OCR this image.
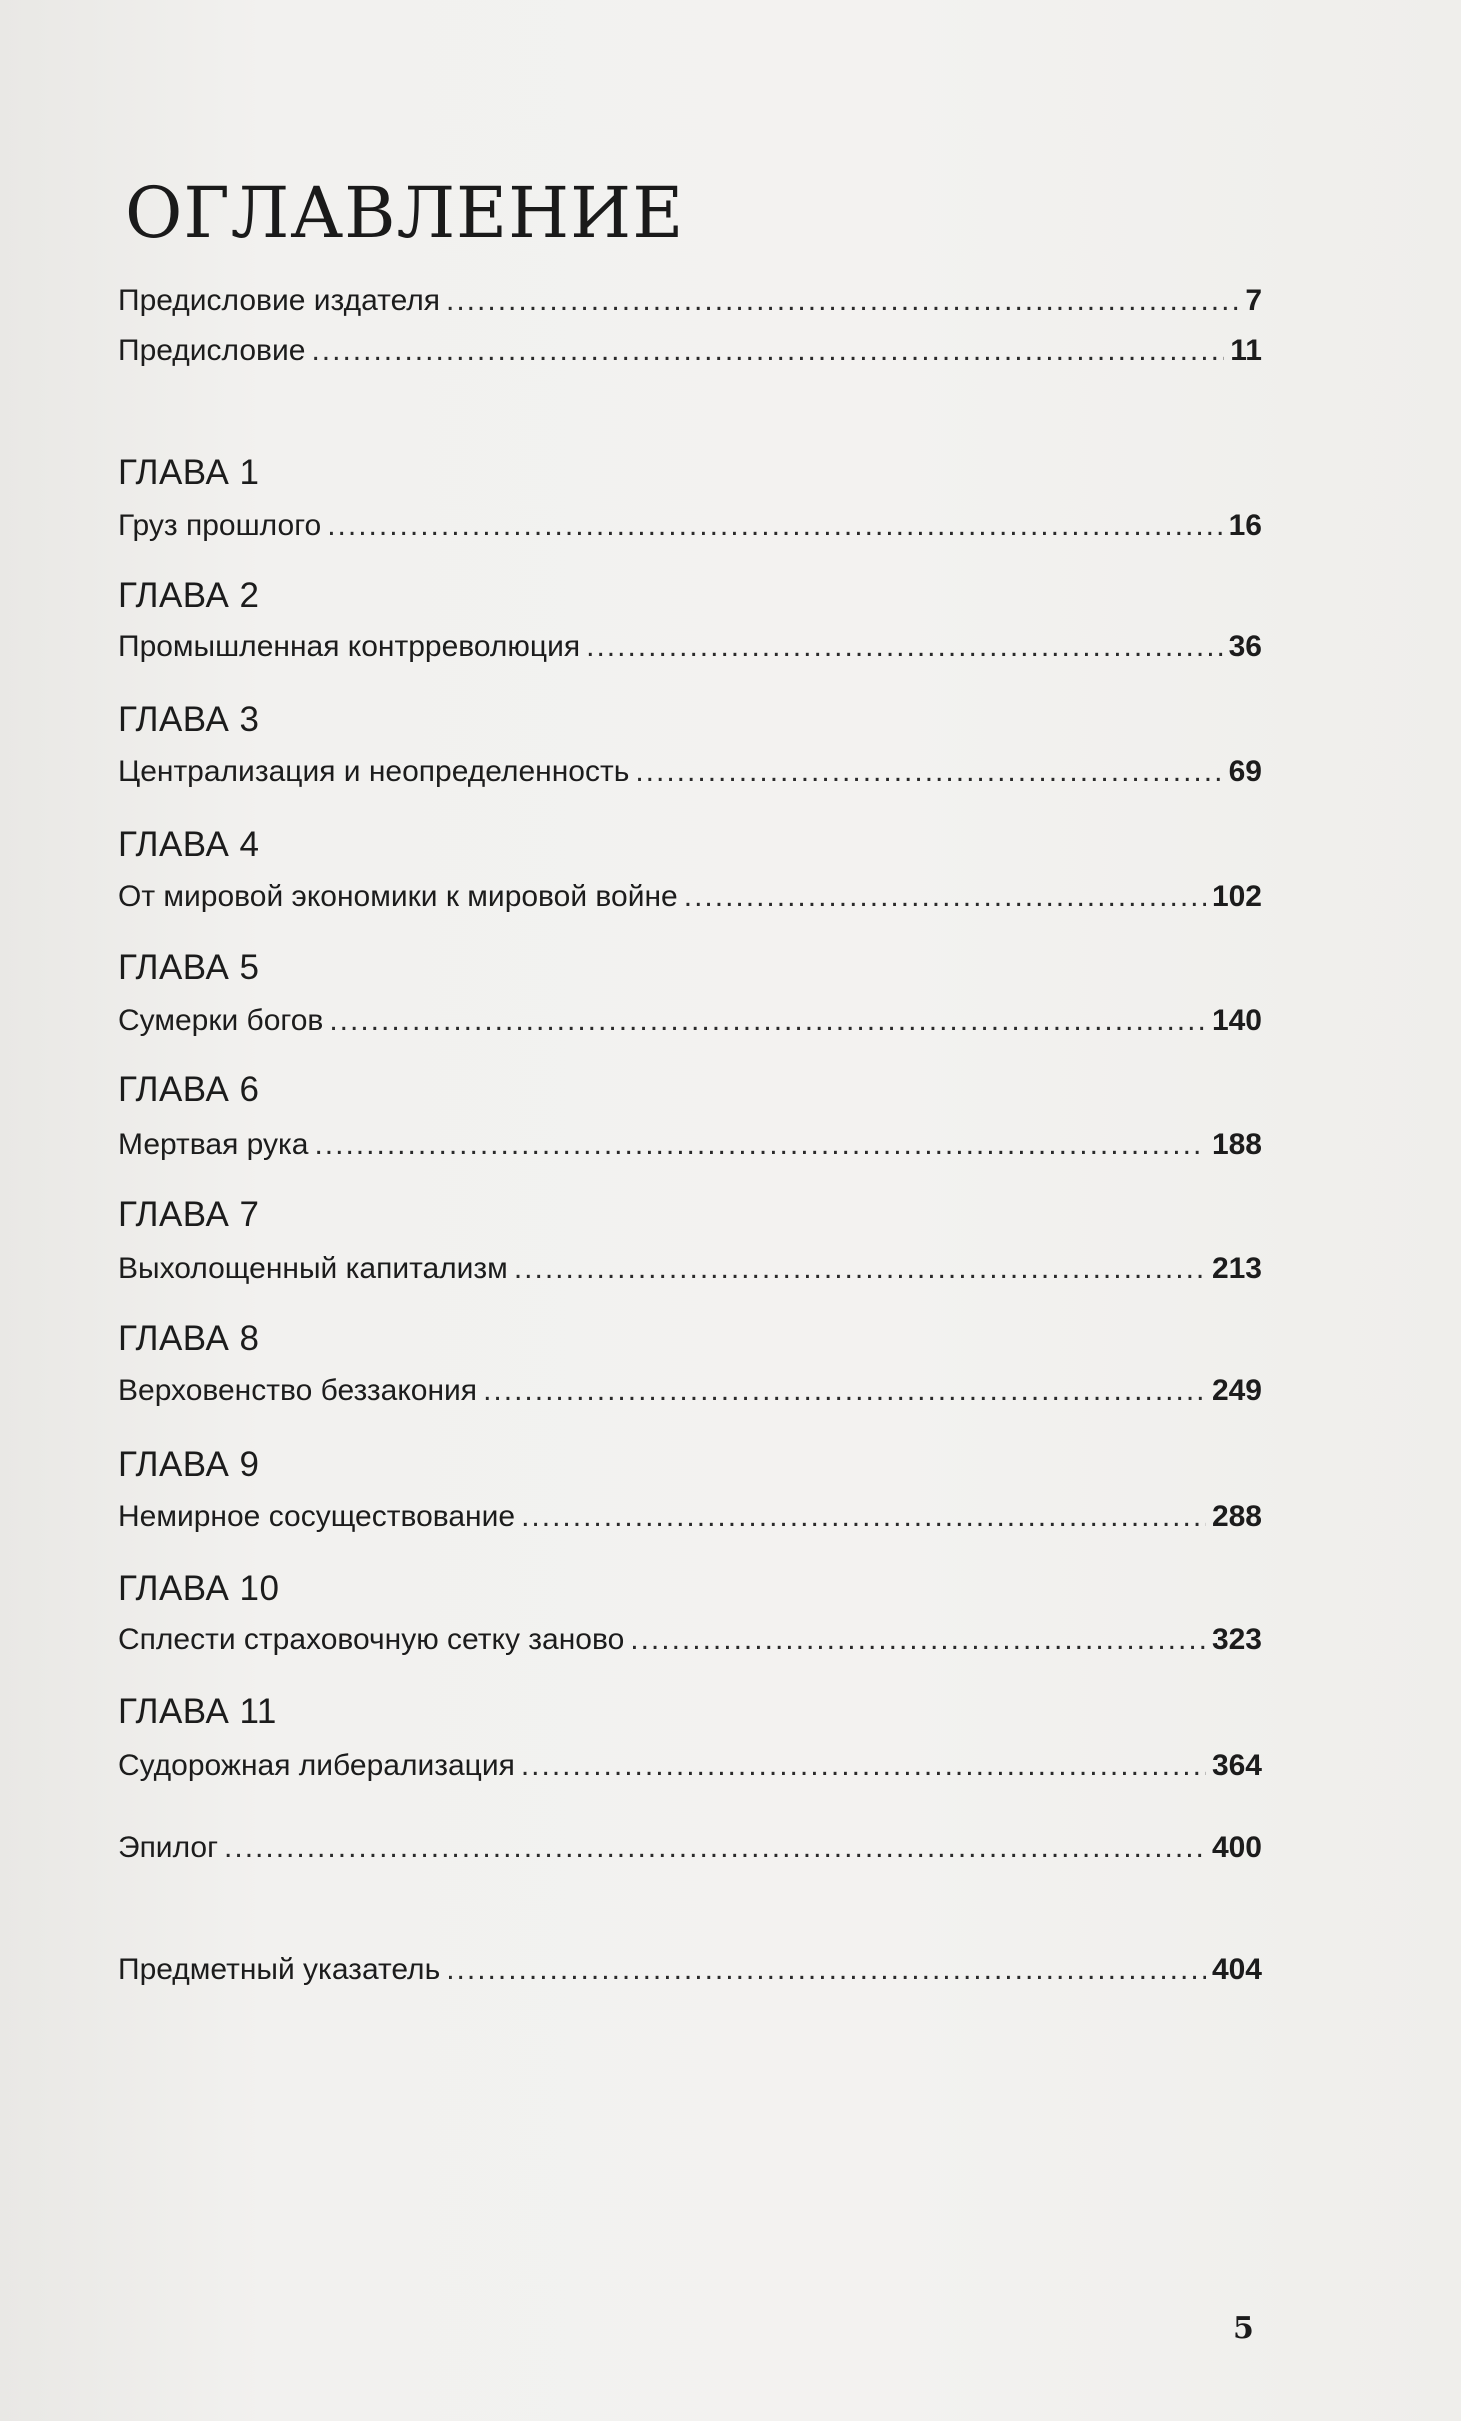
ОГЛАВЛЕНИЕ
Предисловие издателя .....	7
Предисловие .....	11
ГЛАВА 1
Груз прошлого .....	16
ГЛАВА 2
Промышленная контрреволюция .....	36
ГЛАВА 3
Централизация и неопределенность .....	69
ГЛАВА 4
От мировой экономики к мировой войне .....	102
ГЛАВА 5
Сумерки богов .....	140
ГЛАВА 6
Мертвая рука .....	188
ГЛАВА 7
Выхолощенный капитализм .....	213
ГЛАВА 8
Верховенство беззакония .....	249
ГЛАВА 9
Немирное сосуществование .....	288
ГЛАВА 10
Сплести страховочную сетку заново .....	323
ГЛАВА 11
Судорожная либерализация .....	364
Эпилог .....	400
Предметный указатель .....	404
5
